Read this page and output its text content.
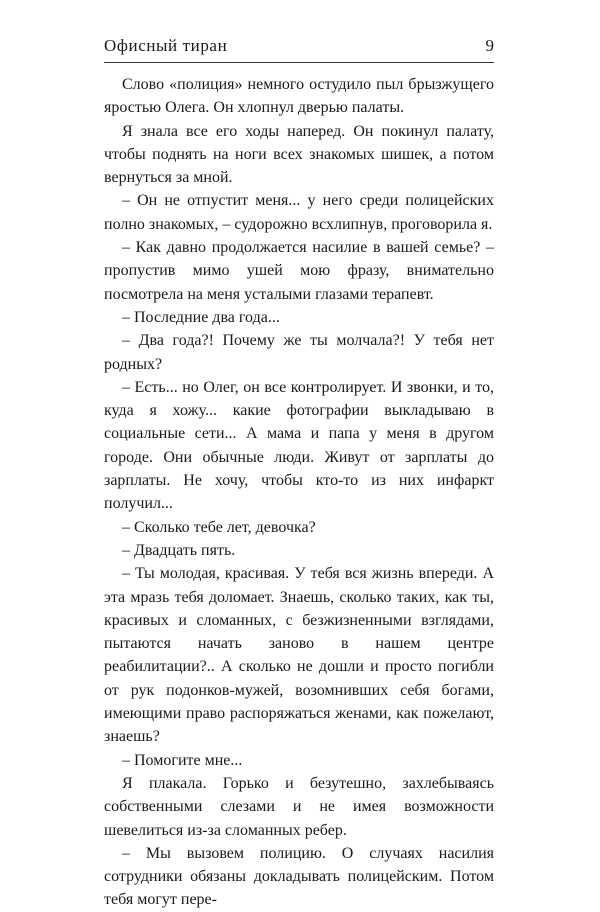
Офисный тиран	9

Слово «полиция» немного остудило пыл брызжущего яростью Олега. Он хлопнул дверью палаты.

Я знала все его ходы наперед. Он покинул палату, чтобы поднять на ноги всех знакомых шишек, а потом вернуться за мной.

– Он не отпустит меня... у него среди полицейских полно знакомых, – судорожно всхлипнув, проговорила я.

– Как давно продолжается насилие в вашей семье? – пропустив мимо ушей мою фразу, внимательно посмотрела на меня усталыми глазами терапевт.

– Последние два года...

– Два года?! Почему же ты молчала?! У тебя нет родных?

– Есть... но Олег, он все контролирует. И звонки, и то, куда я хожу... какие фотографии выкладываю в социальные сети... А мама и папа у меня в другом городе. Они обычные люди. Живут от зарплаты до зарплаты. Не хочу, чтобы кто-то из них инфаркт получил...

– Сколько тебе лет, девочка?

– Двадцать пять.

– Ты молодая, красивая. У тебя вся жизнь впереди. А эта мразь тебя доломает. Знаешь, сколько таких, как ты, красивых и сломанных, с безжизненными взглядами, пытаются начать заново в нашем центре реабилитации?.. А сколько не дошли и просто погибли от рук подонков-мужей, возомнивших себя богами, имеющими право распоряжаться женами, как пожелают, знаешь?

– Помогите мне...

Я плакала. Горько и безутешно, захлебываясь собственными слезами и не имея возможности шевелиться из-за сломанных ребер.

– Мы вызовем полицию. О случаях насилия сотрудники обязаны докладывать полицейским. Потом тебя могут пере-
